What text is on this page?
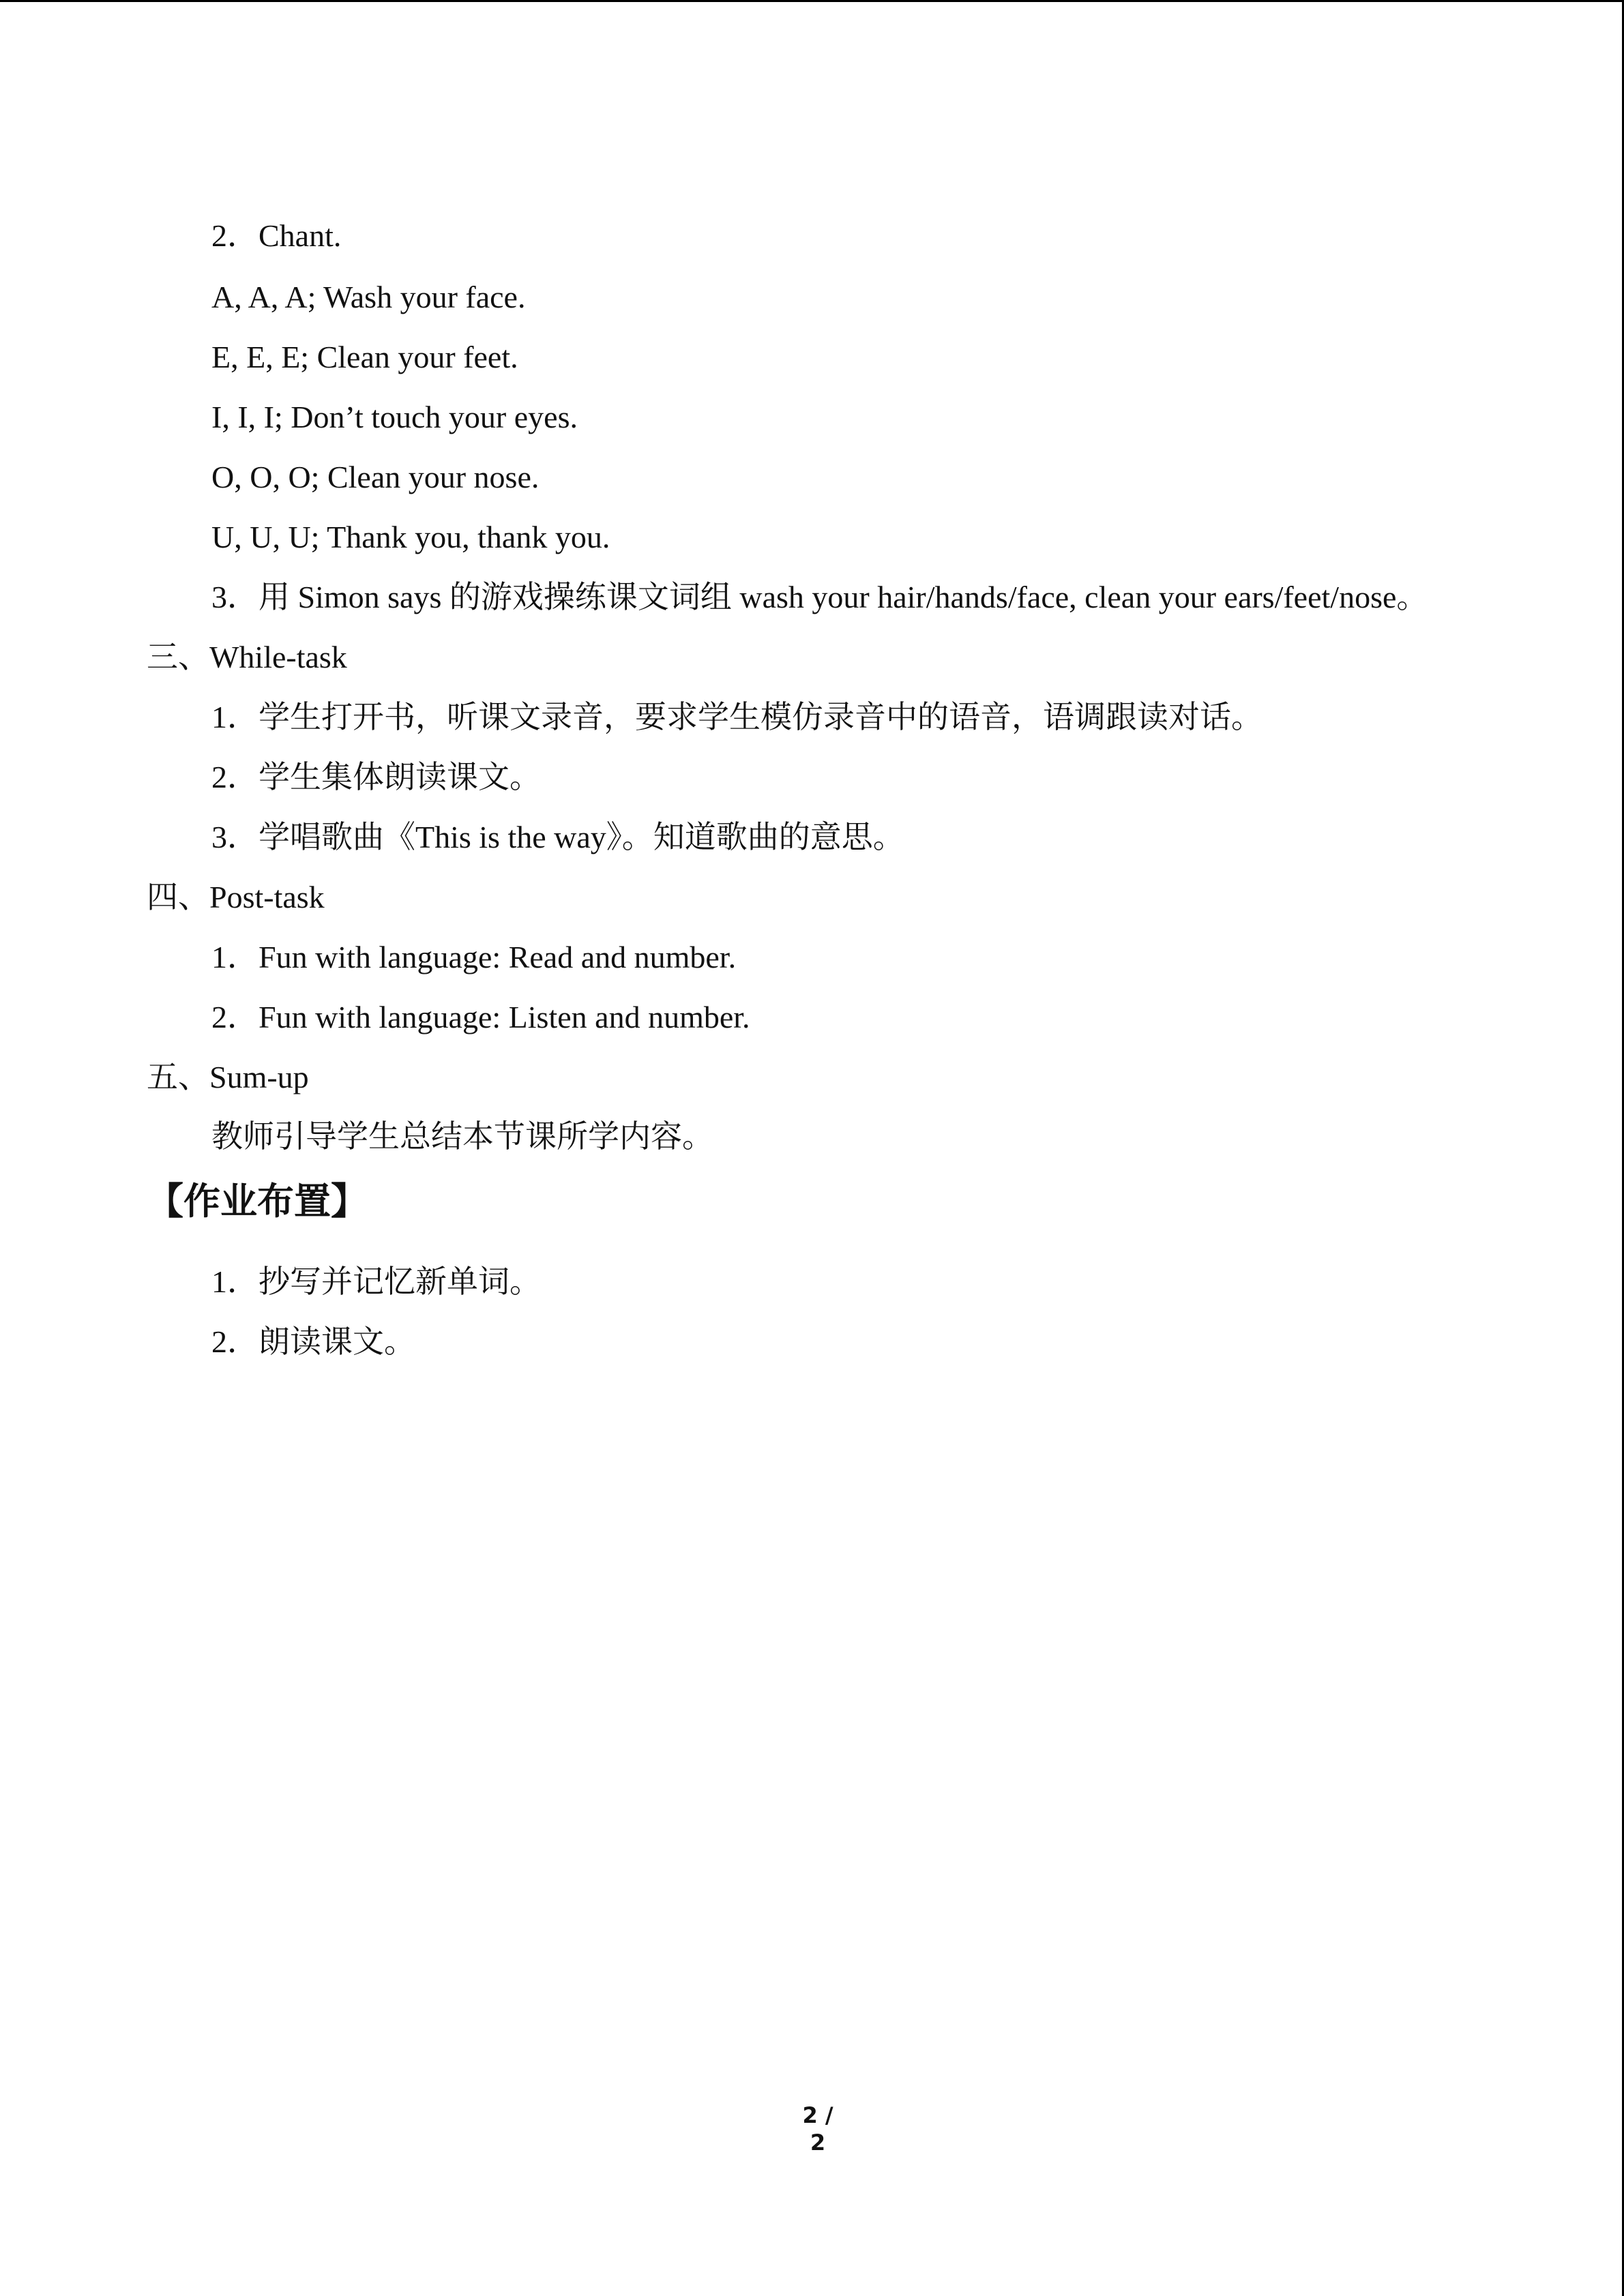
2．Chant.
A, A, A; Wash your face.
E, E, E; Clean your feet.
I, I, I; Don’t touch your eyes.
O, O, O; Clean your nose.
U, U, U; Thank you, thank you.
3．用 Simon says 的游戏操练课文词组 wash your hair/hands/face, clean your ears/feet/nose。
三、While-task
1．学生打开书，听课文录音，要求学生模仿录音中的语音，语调跟读对话。
2．学生集体朗读课文。
3．学唱歌曲《This is the way》。知道歌曲的意思。
四、Post-task
1．Fun with language: Read and number.
2．Fun with language: Listen and number.
五、Sum-up
教师引导学生总结本节课所学内容。
【作业布置】
1．抄写并记忆新单词。
2．朗读课文。
2 / 2
